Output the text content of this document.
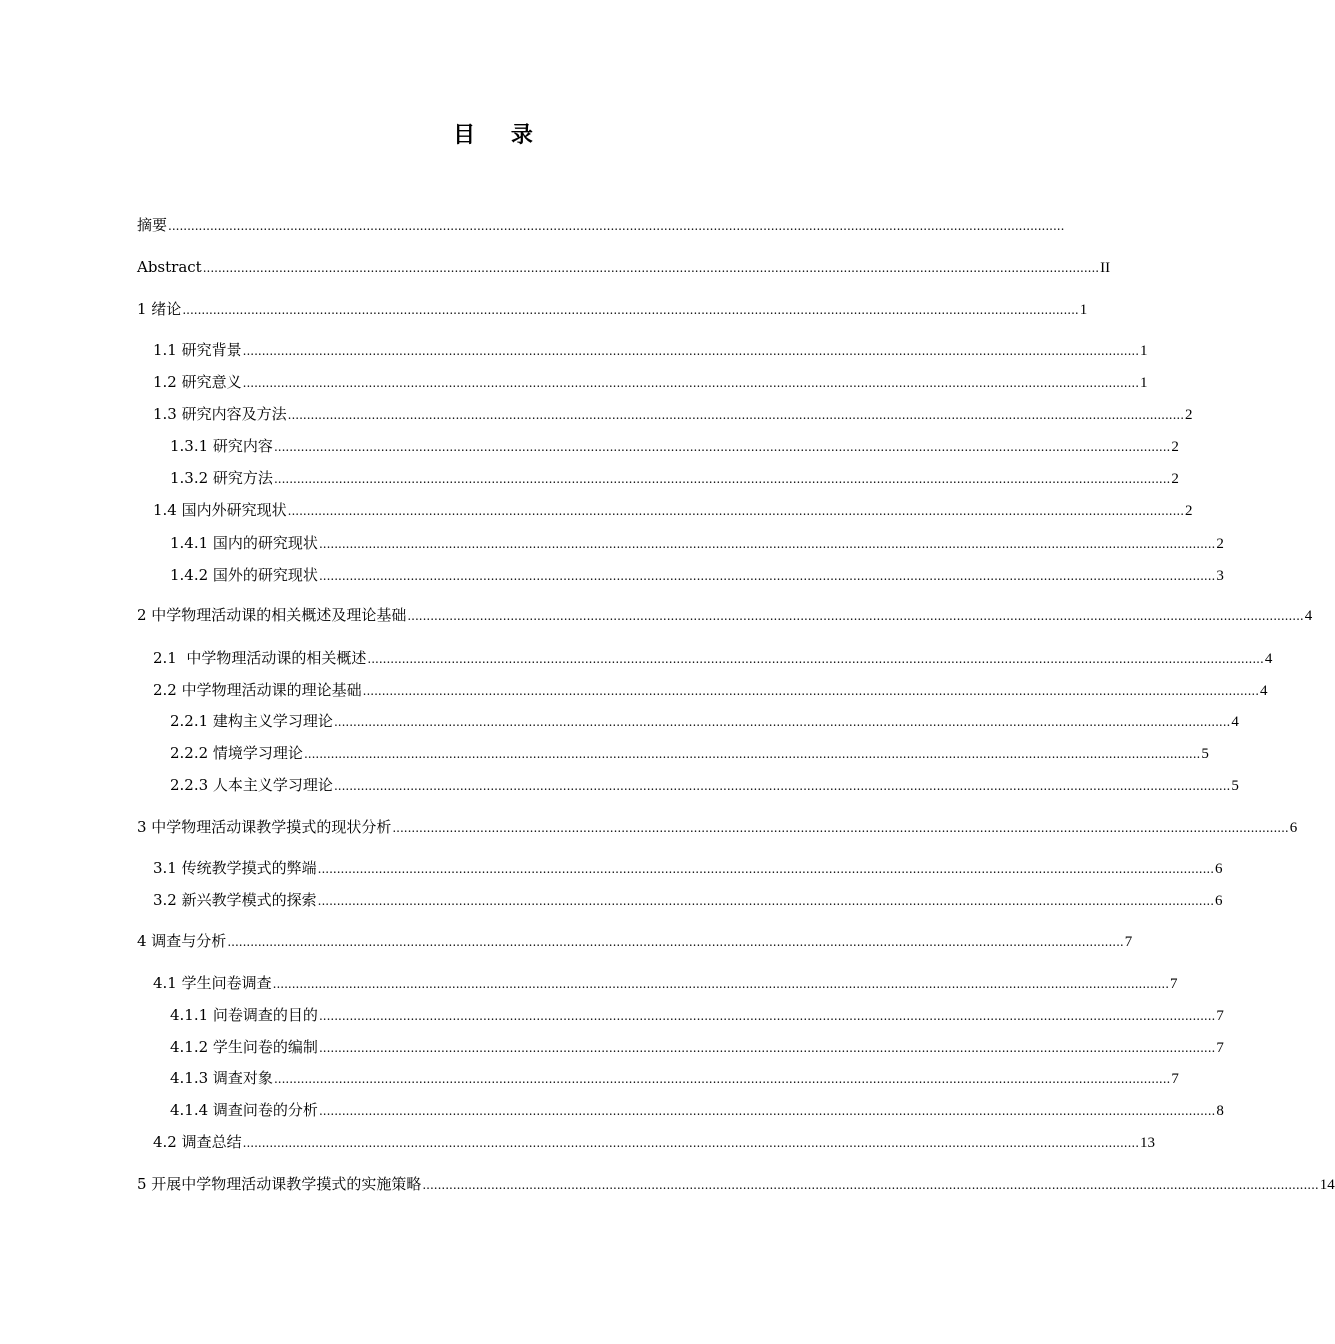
目 录
摘要 ...........................................................................................................................................................................................................................................
Abstract ........................................................................................................................................................................................................................................... II
1 绪论 ........................................................................................................................................................................................................................................... 1
1.1 研究背景 ........................................................................................................................................................................................................................................... 1
1.2 研究意义 ........................................................................................................................................................................................................................................... 1
1.3 研究内容及方法 ........................................................................................................................................................................................................................................... 2
1.3.1 研究内容 ........................................................................................................................................................................................................................................... 2
1.3.2 研究方法 ........................................................................................................................................................................................................................................... 2
1.4 国内外研究现状 ........................................................................................................................................................................................................................................... 2
1.4.1 国内的研究现状 ........................................................................................................................................................................................................................................... 2
1.4.2 国外的研究现状 ........................................................................................................................................................................................................................................... 3
2 中学物理活动课的相关概述及理论基础 ........................................................................................................................................................................................................................................... 4
2.1  中学物理活动课的相关概述 ........................................................................................................................................................................................................................................... 4
2.2 中学物理活动课的理论基础 ........................................................................................................................................................................................................................................... 4
2.2.1 建构主义学习理论 ........................................................................................................................................................................................................................................... 4
2.2.2 情境学习理论 ........................................................................................................................................................................................................................................... 5
2.2.3 人本主义学习理论 ........................................................................................................................................................................................................................................... 5
3 中学物理活动课教学摸式的现状分析 ........................................................................................................................................................................................................................................... 6
3.1 传统教学摸式的弊端 ........................................................................................................................................................................................................................................... 6
3.2 新兴教学模式的探索 ........................................................................................................................................................................................................................................... 6
4 调查与分析 ........................................................................................................................................................................................................................................... 7
4.1 学生问卷调查 ........................................................................................................................................................................................................................................... 7
4.1.1 问卷调查的目的 ........................................................................................................................................................................................................................................... 7
4.1.2 学生问卷的编制 ........................................................................................................................................................................................................................................... 7
4.1.3 调查对象 ........................................................................................................................................................................................................................................... 7
4.1.4 调查问卷的分析 ........................................................................................................................................................................................................................................... 8
4.2 调查总结 ........................................................................................................................................................................................................................................... 13
5 开展中学物理活动课教学摸式的实施策略 ........................................................................................................................................................................................................................................... 14
